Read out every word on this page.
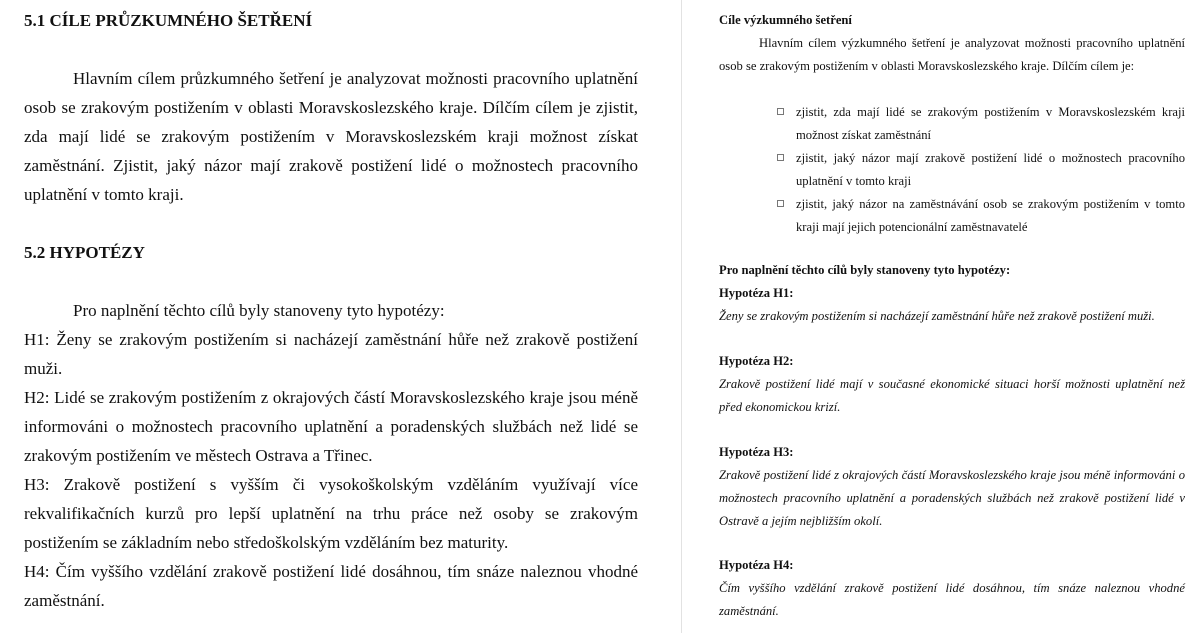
5.1 CÍLE PRŮZKUMNÉHO ŠETŘENÍ

Hlavním cílem průzkumného šetření je analyzovat možnosti pracovního uplatnění osob se zrakovým postižením v oblasti Moravskoslezského kraje. Dílčím cílem je zjistit, zda mají lidé se zrakovým postižením v Moravskoslezském kraji možnost získat zaměstnání. Zjistit, jaký názor mají zrakově postižení lidé o možnostech pracovního uplatnění v tomto kraji.

5.2 HYPOTÉZY

Pro naplnění těchto cílů byly stanoveny tyto hypotézy:

H1: Ženy se zrakovým postižením si nacházejí zaměstnání hůře než zrakově postižení muži.

H2: Lidé se zrakovým postižením z okrajových částí Moravskoslezského kraje jsou méně informováni o možnostech pracovního uplatnění a poradenských službách než lidé se zrakovým postižením ve městech Ostrava a Třinec.

H3: Zrakově postižení s vyšším či vysokoškolským vzděláním využívají více rekvalifikačních kurzů pro lepší uplatnění na trhu práce než osoby se zrakovým postižením se základním nebo středoškolským vzděláním bez maturity.

H4: Čím vyššího vzdělání zrakově postižení lidé dosáhnou, tím snáze naleznou vhodné zaměstnání.

Cíle výzkumného šetření
Hlavním cílem výzkumného šetření je analyzovat možnosti pracovního uplatnění osob se zrakovým postižením v oblasti Moravskoslezského kraje. Dílčím cílem je:
zjistit, zda mají lidé se zrakovým postižením v Moravskoslezském kraji možnost získat zaměstnání
zjistit, jaký názor mají zrakově postižení lidé o možnostech pracovního uplatnění v tomto kraji
zjistit, jaký názor na zaměstnávání osob se zrakovým postižením v tomto kraji mají jejich potencionální zaměstnavatelé
Pro naplnění těchto cílů byly stanoveny tyto hypotézy:
Hypotéza H1:
Ženy se zrakovým postižením si nacházejí zaměstnání hůře než zrakově postižení muži.
Hypotéza H2:
Zrakově postižení lidé mají v současné ekonomické situaci horší možnosti uplatnění než před ekonomickou krizí.
Hypotéza H3:
Zrakově postižení lidé z okrajových částí Moravskoslezského kraje jsou méně informováni o možnostech pracovního uplatnění a poradenských službách než zrakově postižení lidé v Ostravě a jejím nejbližším okolí.
Hypotéza H4:
Čím vyššího vzdělání zrakově postižení lidé dosáhnou, tím snáze naleznou vhodné zaměstnání.
